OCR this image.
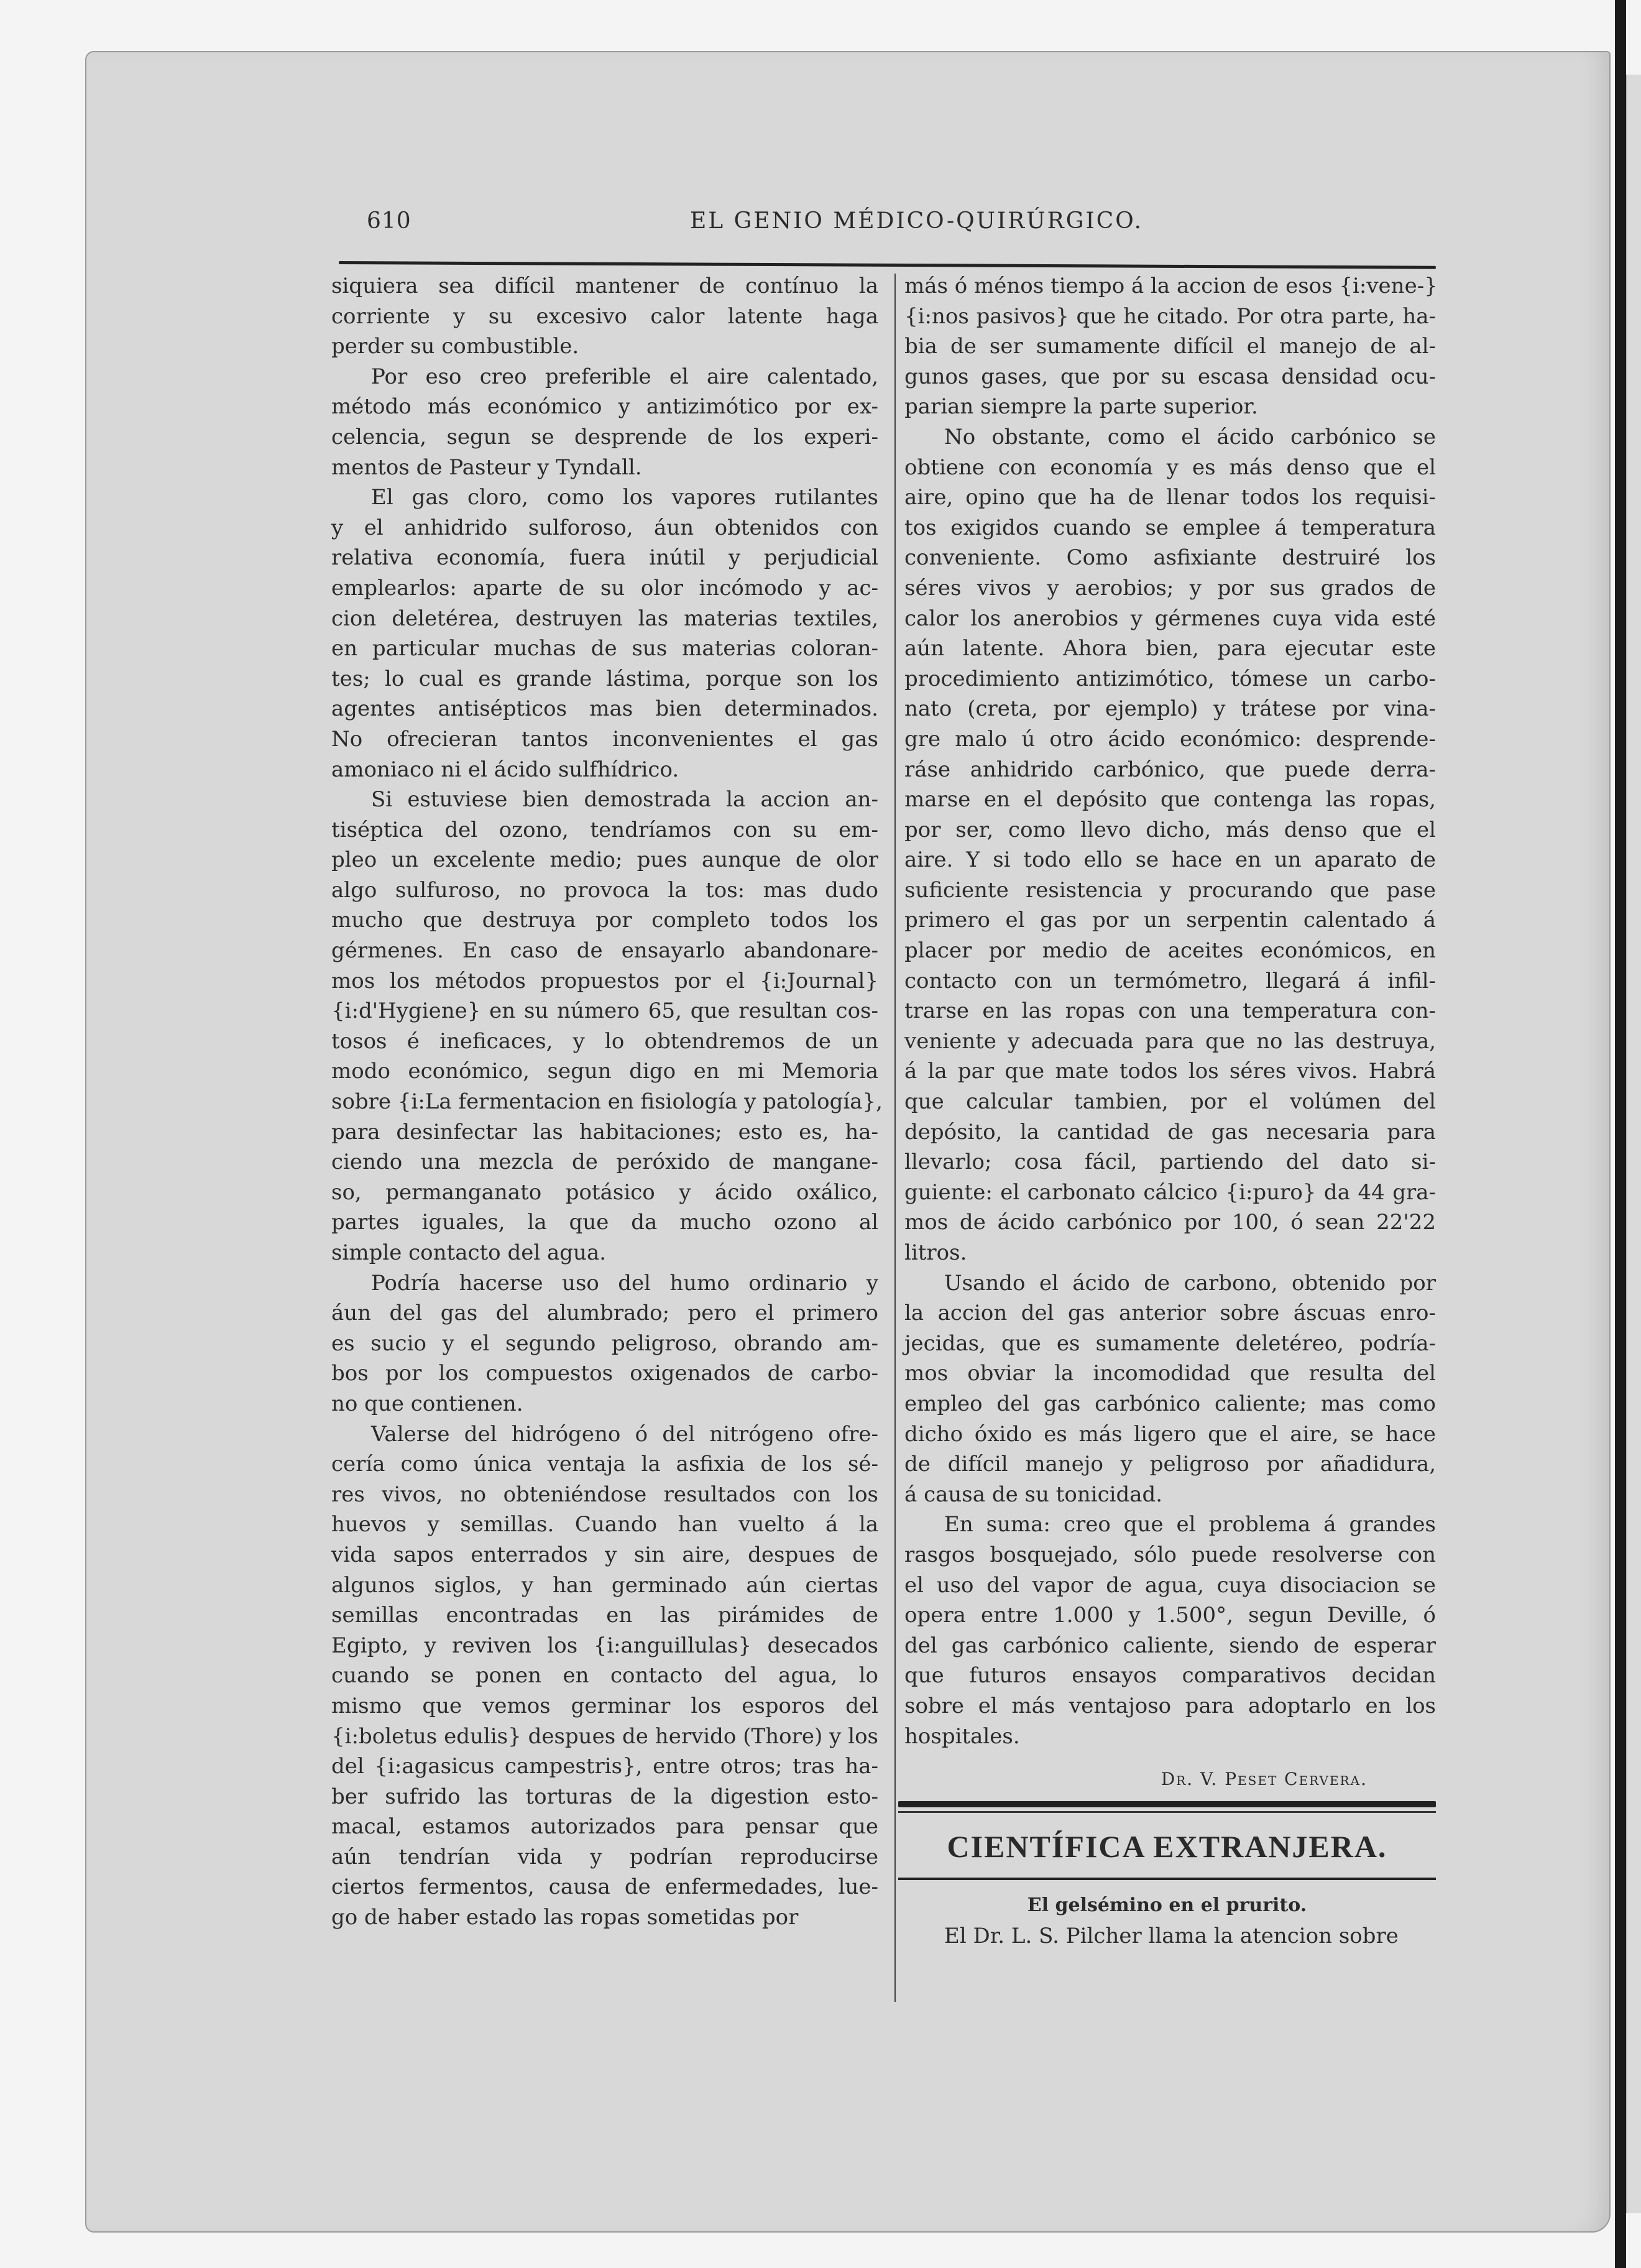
610	EL GENIO MÉDICO-QUIRÚRGICO.

siquiera sea difícil mantener de contínuo la
corriente y su excesivo calor latente haga
perder su combustible.

Por eso creo preferible el aire calentado,
método más económico y antizimótico por ex-
celencia, segun se desprende de los experi-
mentos de Pasteur y Tyndall.

El gas cloro, como los vapores rutilantes
y el anhidrido sulforoso, áun obtenidos con
relativa economía, fuera inútil y perjudicial
emplearlos: aparte de su olor incómodo y ac-
cion deletérea, destruyen las materias textiles,
en particular muchas de sus materias coloran-
tes; lo cual es grande lástima, porque son los
agentes antisépticos mas bien determinados.
No ofrecieran tantos inconvenientes el gas
amoniaco ni el ácido sulfhídrico.

Si estuviese bien demostrada la accion an-
tiséptica del ozono, tendríamos con su em-
pleo un excelente medio; pues aunque de olor
algo sulfuroso, no provoca la tos: mas dudo
mucho que destruya por completo todos los
gérmenes. En caso de ensayarlo abandonare-
mos los métodos propuestos por el {i:Journal}
{i:d'Hygiene} en su número 65, que resultan cos-
tosos é ineficaces, y lo obtendremos de un
modo económico, segun digo en mi Memoria
sobre {i:La fermentacion en fisiología y patología},
para desinfectar las habitaciones; esto es, ha-
ciendo una mezcla de peróxido de mangane-
so, permanganato potásico y ácido oxálico,
partes iguales, la que da mucho ozono al
simple contacto del agua.

Podría hacerse uso del humo ordinario y
áun del gas del alumbrado; pero el primero
es sucio y el segundo peligroso, obrando am-
bos por los compuestos oxigenados de carbo-
no que contienen.

Valerse del hidrógeno ó del nitrógeno ofre-
cería como única ventaja la asfixia de los sé-
res vivos, no obteniéndose resultados con los
huevos y semillas. Cuando han vuelto á la
vida sapos enterrados y sin aire, despues de
algunos siglos, y han germinado aún ciertas
semillas encontradas en las pirámides de
Egipto, y reviven los {i:anguillulas} desecados
cuando se ponen en contacto del agua, lo
mismo que vemos germinar los esporos del
{i:boletus edulis} despues de hervido (Thore) y los
del {i:agasicus campestris}, entre otros; tras ha-
ber sufrido las torturas de la digestion esto-
macal, estamos autorizados para pensar que
aún tendrían vida y podrían reproducirse
ciertos fermentos, causa de enfermedades, lue-
go de haber estado las ropas sometidas por

más ó ménos tiempo á la accion de esos {i:vene-}
{i:nos pasivos} que he citado. Por otra parte, ha-
bia de ser sumamente difícil el manejo de al-
gunos gases, que por su escasa densidad ocu-
parian siempre la parte superior.

No obstante, como el ácido carbónico se
obtiene con economía y es más denso que el
aire, opino que ha de llenar todos los requisi-
tos exigidos cuando se emplee á temperatura
conveniente. Como asfixiante destruiré los
séres vivos y aerobios; y por sus grados de
calor los anerobios y gérmenes cuya vida esté
aún latente. Ahora bien, para ejecutar este
procedimiento antizimótico, tómese un carbo-
nato (creta, por ejemplo) y trátese por vina-
gre malo ú otro ácido económico: desprende-
ráse anhidrido carbónico, que puede derra-
marse en el depósito que contenga las ropas,
por ser, como llevo dicho, más denso que el
aire. Y si todo ello se hace en un aparato de
suficiente resistencia y procurando que pase
primero el gas por un serpentin calentado á
placer por medio de aceites económicos, en
contacto con un termómetro, llegará á infil-
trarse en las ropas con una temperatura con-
veniente y adecuada para que no las destruya,
á la par que mate todos los séres vivos. Habrá
que calcular tambien, por el volúmen del
depósito, la cantidad de gas necesaria para
llevarlo; cosa fácil, partiendo del dato si-
guiente: el carbonato cálcico {i:puro} da 44 gra-
mos de ácido carbónico por 100, ó sean 22'22
litros.

Usando el ácido de carbono, obtenido por
la accion del gas anterior sobre áscuas enro-
jecidas, que es sumamente deletéreo, podría-
mos obviar la incomodidad que resulta del
empleo del gas carbónico caliente; mas como
dicho óxido es más ligero que el aire, se hace
de difícil manejo y peligroso por añadidura,
á causa de su tonicidad.

En suma: creo que el problema á grandes
rasgos bosquejado, sólo puede resolverse con
el uso del vapor de agua, cuya disociacion se
opera entre 1.000 y 1.500°, segun Deville, ó
del gas carbónico caliente, siendo de esperar
que futuros ensayos comparativos decidan
sobre el más ventajoso para adoptarlo en los
hospitales.

Dr. V. Peset Cervera.
CIENTÍFICA EXTRANJERA.
El gelsémino en el prurito.
El Dr. L. S. Pilcher llama la atencion sobre
